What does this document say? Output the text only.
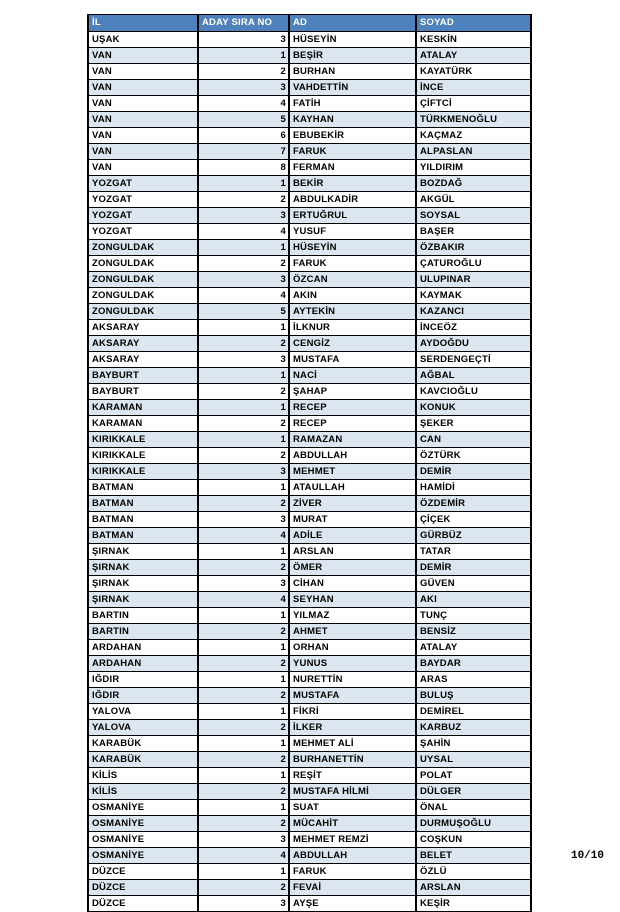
İL	ADAY SIRA NO	AD	SOYAD
UŞAK	3	HÜSEYİN	KESKİN
VAN	1	BEŞİR	ATALAY
VAN	2	BURHAN	KAYATÜRK
VAN	3	VAHDETTİN	İNCE
VAN	4	FATİH	ÇİFTCİ
VAN	5	KAYHAN	TÜRKMENOĞLU
VAN	6	EBUBEKİR	KAÇMAZ
VAN	7	FARUK	ALPASLAN
VAN	8	FERMAN	YILDIRIM
YOZGAT	1	BEKİR	BOZDAĞ
YOZGAT	2	ABDULKADİR	AKGÜL
YOZGAT	3	ERTUĞRUL	SOYSAL
YOZGAT	4	YUSUF	BAŞER
ZONGULDAK	1	HÜSEYİN	ÖZBAKIR
ZONGULDAK	2	FARUK	ÇATUROĞLU
ZONGULDAK	3	ÖZCAN	ULUPINAR
ZONGULDAK	4	AKIN	KAYMAK
ZONGULDAK	5	AYTEKİN	KAZANCI
AKSARAY	1	İLKNUR	İNCEÖZ
AKSARAY	2	CENGİZ	AYDOĞDU
AKSARAY	3	MUSTAFA	SERDENGEÇTİ
BAYBURT	1	NACİ	AĞBAL
BAYBURT	2	ŞAHAP	KAVCIOĞLU
KARAMAN	1	RECEP	KONUK
KARAMAN	2	RECEP	ŞEKER
KIRIKKALE	1	RAMAZAN	CAN
KIRIKKALE	2	ABDULLAH	ÖZTÜRK
KIRIKKALE	3	MEHMET	DEMİR
BATMAN	1	ATAULLAH	HAMİDİ
BATMAN	2	ZİVER	ÖZDEMİR
BATMAN	3	MURAT	ÇİÇEK
BATMAN	4	ADİLE	GÜRBÜZ
ŞIRNAK	1	ARSLAN	TATAR
ŞIRNAK	2	ÖMER	DEMİR
ŞIRNAK	3	CİHAN	GÜVEN
ŞIRNAK	4	SEYHAN	AKI
BARTIN	1	YILMAZ	TUNÇ
BARTIN	2	AHMET	BENSİZ
ARDAHAN	1	ORHAN	ATALAY
ARDAHAN	2	YUNUS	BAYDAR
IĞDIR	1	NURETTİN	ARAS
IĞDIR	2	MUSTAFA	BULUŞ
YALOVA	1	FİKRİ	DEMİREL
YALOVA	2	İLKER	KARBUZ
KARABÜK	1	MEHMET ALİ	ŞAHİN
KARABÜK	2	BURHANETTİN	UYSAL
KİLİS	1	REŞİT	POLAT
KİLİS	2	MUSTAFA HİLMİ	DÜLGER
OSMANİYE	1	SUAT	ÖNAL
OSMANİYE	2	MÜCAHİT	DURMUŞOĞLU
OSMANİYE	3	MEHMET REMZİ	COŞKUN
OSMANİYE	4	ABDULLAH	BELET
DÜZCE	1	FARUK	ÖZLÜ
DÜZCE	2	FEVAİ	ARSLAN
DÜZCE	3	AYŞE	KEŞİR
10/10
